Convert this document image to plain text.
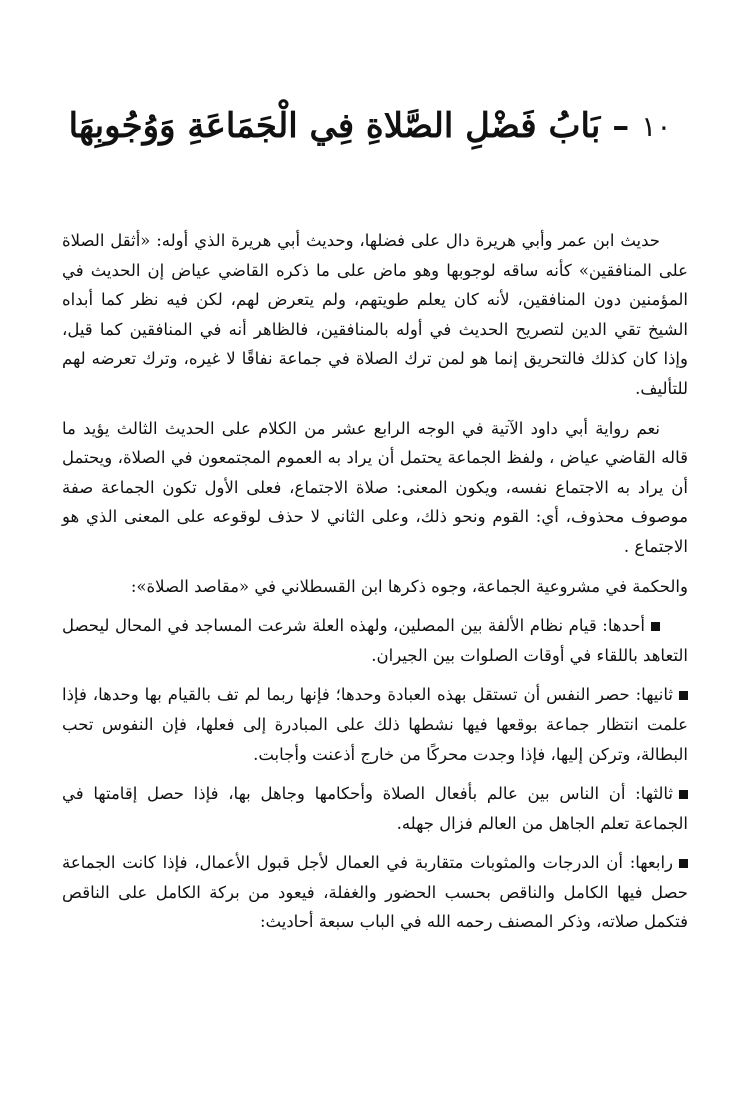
١٠
–
بَابُ فَضْلِ الصَّلاةِ فِي الْجَمَاعَةِ وَوُجُوبِهَا

حديث ابن عمر وأبي هريرة دال على فضلها، وحديث أبي هريرة الذي أوله: «أثقل الصلاة على المنافقين» كأنه ساقه لوجوبها وهو ماض على ما ذكره القاضي عياض إن الحديث في المؤمنين دون المنافقين، لأنه كان يعلم طويتهم، ولم يتعرض لهم، لكن فيه نظر كما أبداه الشيخ تقي الدين لتصريح الحديث في أوله بالمنافقين، فالظاهر أنه في المنافقين كما قيل، وإذا كان كذلك فالتحريق إنما هو لمن ترك الصلاة في جماعة نفاقًا لا غيره، وترك تعرضه لهم للتأليف.

نعم رواية أبي داود الآتية في الوجه الرابع عشر من الكلام على الحديث الثالث يؤيد ما قاله القاضي عياض ، ولفظ الجماعة يحتمل أن يراد به العموم المجتمعون في الصلاة، ويحتمل أن يراد به الاجتماع نفسه، ويكون المعنى: صلاة الاجتماع، فعلى الأول تكون الجماعة صفة موصوف محذوف، أي: القوم ونحو ذلك، وعلى الثاني لا حذف لوقوعه على المعنى الذي هو الاجتماع .

والحكمة في مشروعية الجماعة، وجوه ذكرها ابن القسطلاني في «مقاصد الصلاة»:

أحدها: قيام نظام الألفة بين المصلين، ولهذه العلة شرعت المساجد في المحال ليحصل التعاهد باللقاء في أوقات الصلوات بين الجيران.

ثانيها: حصر النفس أن تستقل بهذه العبادة وحدها؛ فإنها ربما لم تف بالقيام بها وحدها، فإذا علمت انتظار جماعة بوقعها فيها نشطها ذلك على المبادرة إلى فعلها، فإن النفوس تحب البطالة، وتركن إليها، فإذا وجدت محركًا من خارج أذعنت وأجابت.

ثالثها: أن الناس بين عالم بأفعال الصلاة وأحكامها وجاهل بها، فإذا حصل إقامتها في الجماعة تعلم الجاهل من العالم فزال جهله.

رابعها: أن الدرجات والمثوبات متقاربة في العمال لأجل قبول الأعمال، فإذا كانت الجماعة حصل فيها الكامل والناقص بحسب الحضور والغفلة، فيعود من بركة الكامل على الناقص فتكمل صلاته، وذكر المصنف رحمه الله في الباب سبعة أحاديث:
